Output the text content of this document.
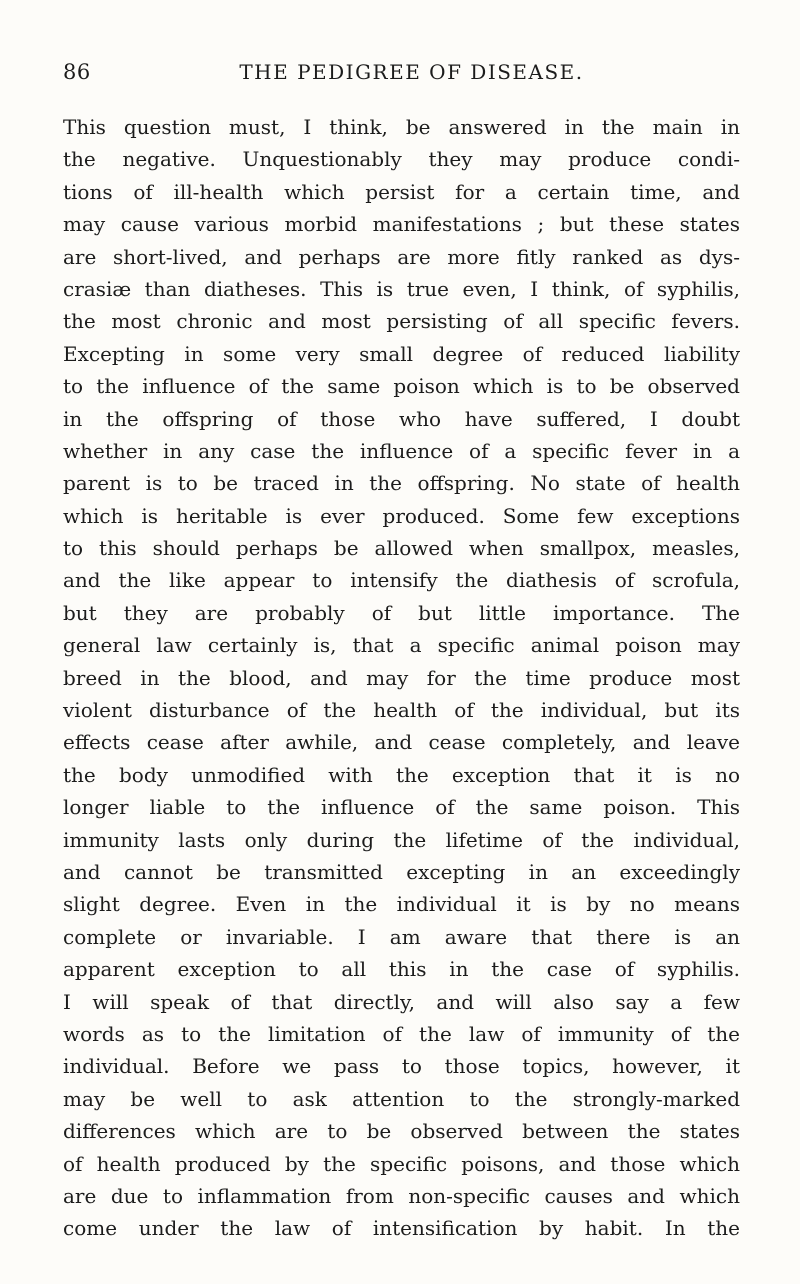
86	THE PEDIGREE OF DISEASE.
This question must, I think, be answered in the main in
the negative. Unquestionably they may produce condi-
tions of ill-health which persist for a certain time, and
may cause various morbid manifestations ; but these states
are short-lived, and perhaps are more fitly ranked as dys-
crasiæ than diatheses. This is true even, I think, of syphilis,
the most chronic and most persisting of all specific fevers.
Excepting in some very small degree of reduced liability
to the influence of the same poison which is to be observed
in the offspring of those who have suffered, I doubt
whether in any case the influence of a specific fever in a
parent is to be traced in the offspring. No state of health
which is heritable is ever produced. Some few exceptions
to this should perhaps be allowed when smallpox, measles,
and the like appear to intensify the diathesis of scrofula,
but they are probably of but little importance. The
general law certainly is, that a specific animal poison may
breed in the blood, and may for the time produce most
violent disturbance of the health of the individual, but its
effects cease after awhile, and cease completely, and leave
the body unmodified with the exception that it is no
longer liable to the influence of the same poison. This
immunity lasts only during the lifetime of the individual,
and cannot be transmitted excepting in an exceedingly
slight degree. Even in the individual it is by no means
complete or invariable. I am aware that there is an
apparent exception to all this in the case of syphilis.
I will speak of that directly, and will also say a few
words as to the limitation of the law of immunity of the
individual. Before we pass to those topics, however, it
may be well to ask attention to the strongly-marked
differences which are to be observed between the states
of health produced by the specific poisons, and those which
are due to inflammation from non-specific causes and which
come under the law of intensification by habit. In the
